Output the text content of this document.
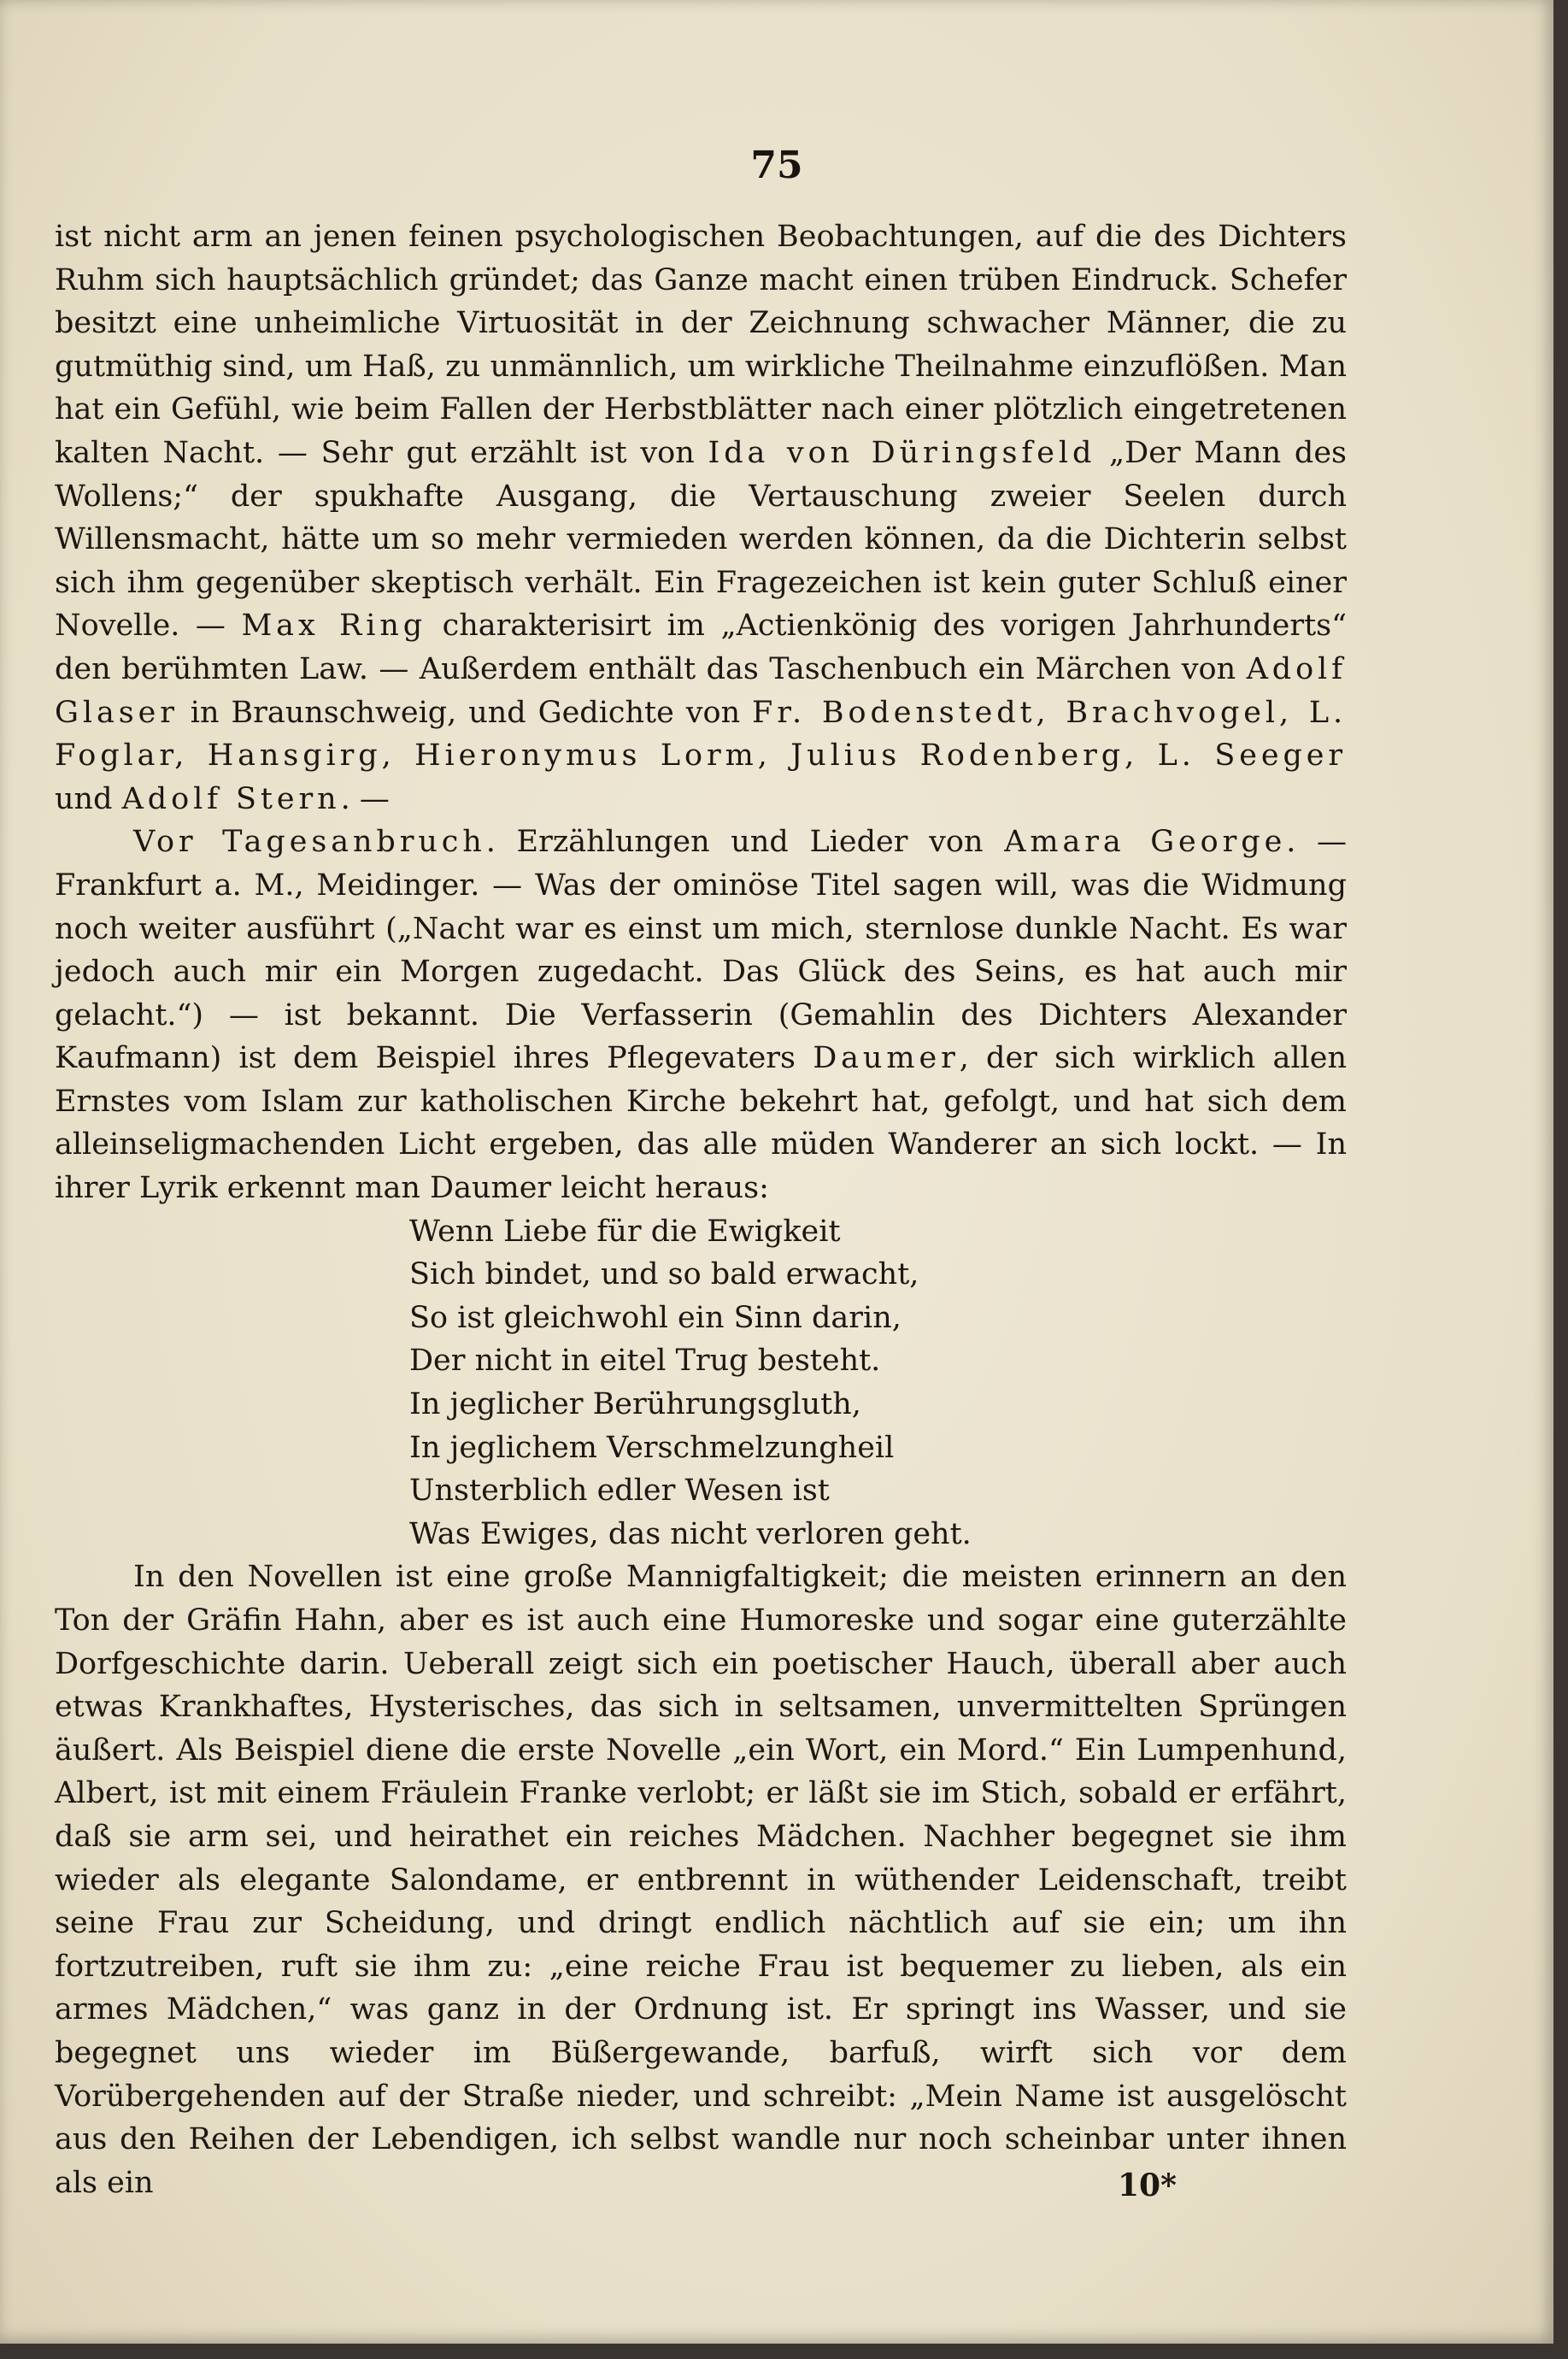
75

ist nicht arm an jenen feinen psychologischen Beobachtungen, auf die des Dichters Ruhm sich hauptsächlich gründet; das Ganze macht einen trüben Eindruck. Schefer besitzt eine unheimliche Virtuosität in der Zeichnung schwacher Männer, die zu gutmüthig sind, um Haß, zu unmännlich, um wirkliche Theilnahme einzuflößen. Man hat ein Gefühl, wie beim Fallen der Herbstblätter nach einer plötzlich eingetretenen kalten Nacht. — Sehr gut erzählt ist von Ida von Düringsfeld „Der Mann des Wollens;“ der spukhafte Ausgang, die Vertauschung zweier Seelen durch Willensmacht, hätte um so mehr vermieden werden können, da die Dichterin selbst sich ihm gegenüber skeptisch verhält. Ein Fragezeichen ist kein guter Schluß einer Novelle. — Max Ring charakterisirt im „Actienkönig des vorigen Jahrhunderts“ den berühmten Law. — Außerdem enthält das Taschenbuch ein Märchen von Adolf Glaser in Braunschweig, und Gedichte von Fr. Bodenstedt, Brachvogel, L. Foglar, Hansgirg, Hieronymus Lorm, Julius Rodenberg, L. Seeger und Adolf Stern. —

Vor Tagesanbruch. Erzählungen und Lieder von Amara George. — Frankfurt a. M., Meidinger. — Was der ominöse Titel sagen will, was die Widmung noch weiter ausführt („Nacht war es einst um mich, sternlose dunkle Nacht. Es war jedoch auch mir ein Morgen zugedacht. Das Glück des Seins, es hat auch mir gelacht.“) — ist bekannt. Die Verfasserin (Gemahlin des Dichters Alexander Kaufmann) ist dem Beispiel ihres Pflegevaters Daumer, der sich wirklich allen Ernstes vom Islam zur katholischen Kirche bekehrt hat, gefolgt, und hat sich dem alleinseligmachenden Licht ergeben, das alle müden Wanderer an sich lockt. — In ihrer Lyrik erkennt man Daumer leicht heraus:

Wenn Liebe für die Ewigkeit
Sich bindet, und so bald erwacht,
So ist gleichwohl ein Sinn darin,
Der nicht in eitel Trug besteht.
In jeglicher Berührungsgluth,
In jeglichem Verschmelzungheil
Unsterblich edler Wesen ist
Was Ewiges, das nicht verloren geht.

In den Novellen ist eine große Mannigfaltigkeit; die meisten erinnern an den Ton der Gräfin Hahn, aber es ist auch eine Humoreske und sogar eine guterzählte Dorfgeschichte darin. Ueberall zeigt sich ein poetischer Hauch, überall aber auch etwas Krankhaftes, Hysterisches, das sich in seltsamen, unvermittelten Sprüngen äußert. Als Beispiel diene die erste Novelle „ein Wort, ein Mord.“ Ein Lumpenhund, Albert, ist mit einem Fräulein Franke verlobt; er läßt sie im Stich, sobald er erfährt, daß sie arm sei, und heirathet ein reiches Mädchen. Nachher begegnet sie ihm wieder als elegante Salondame, er entbrennt in wüthender Leidenschaft, treibt seine Frau zur Scheidung, und dringt endlich nächtlich auf sie ein; um ihn fortzutreiben, ruft sie ihm zu: „eine reiche Frau ist bequemer zu lieben, als ein armes Mädchen,“ was ganz in der Ordnung ist. Er springt ins Wasser, und sie begegnet uns wieder im Büßergewande, barfuß, wirft sich vor dem Vorübergehenden auf der Straße nieder, und schreibt: „Mein Name ist ausgelöscht aus den Reihen der Lebendigen, ich selbst wandle nur noch scheinbar unter ihnen als ein	10*
